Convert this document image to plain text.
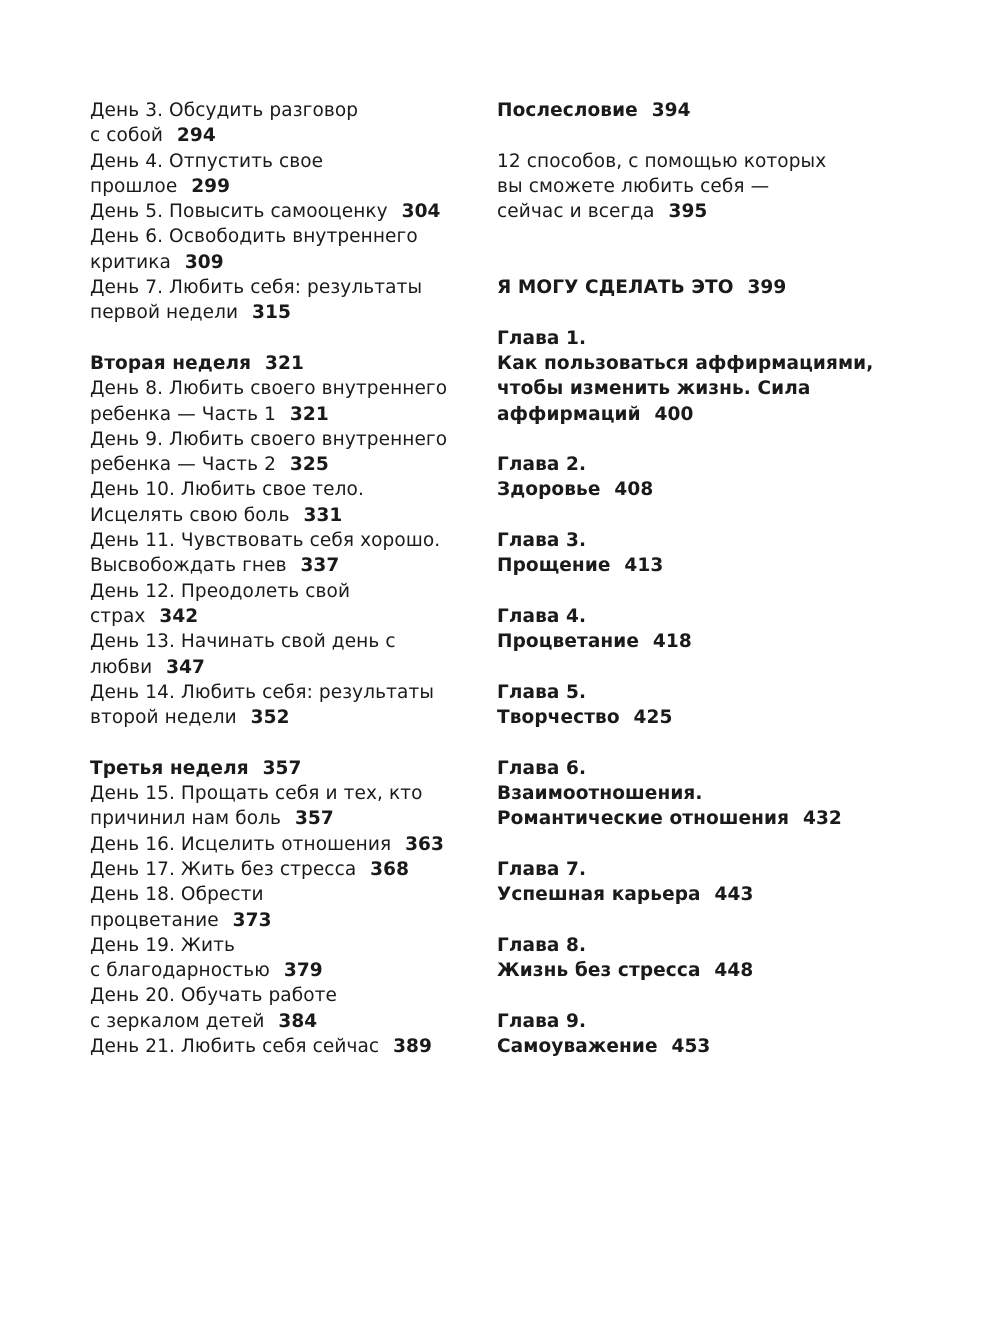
День 3. Обсудить разговор
с собой 294
День 4. Отпустить свое
прошлое 299
День 5. Повысить самооценку 304
День 6. Освободить внутреннего
критика 309
День 7. Любить себя: результаты
первой недели 315
Вторая неделя 321
День 8. Любить своего внутреннего
ребенка — Часть 1 321
День 9. Любить своего внутреннего
ребенка — Часть 2 325
День 10. Любить свое тело.
Исцелять свою боль 331
День 11. Чувствовать себя хорошо.
Высвобождать гнев 337
День 12. Преодолеть свой
страх 342
День 13. Начинать свой день с
любви 347
День 14. Любить себя: результаты
второй недели 352
Третья неделя 357
День 15. Прощать себя и тех, кто
причинил нам боль 357
День 16. Исцелить отношения 363
День 17. Жить без стресса 368
День 18. Обрести
процветание 373
День 19. Жить
с благодарностью 379
День 20. Обучать работе
с зеркалом детей 384
День 21. Любить себя сейчас 389
Послесловие 394
12 способов, с помощью которых
вы сможете любить себя —
сейчас и всегда 395
Я МОГУ СДЕЛАТЬ ЭТО 399
Глава 1.
Как пользоваться аффирмациями,
чтобы изменить жизнь. Сила
аффирмаций 400
Глава 2.
Здоровье 408
Глава 3.
Прощение 413
Глава 4.
Процветание 418
Глава 5.
Творчество 425
Глава 6.
Взаимоотношения.
Романтические отношения 432
Глава 7.
Успешная карьера 443
Глава 8.
Жизнь без стресса 448
Глава 9.
Самоуважение 453
